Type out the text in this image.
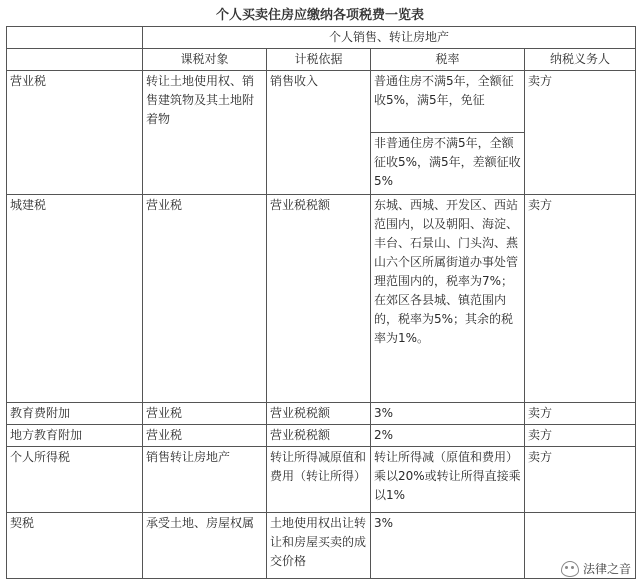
个人买卖住房应缴纳各项税费一览表
	个人销售、转让房地产			
	课税对象	计税依据	税率	纳税义务人
营业税	转让土地使用权、销售建筑物及其土地附着物	销售收入	普通住房不满5年，全额征收5%，满5年，免征	卖方
			非普通住房不满5年，全额征收5%，满5年，差额征收5%	
城建税	营业税	营业税税额	东城、西城、开发区、西站范围内，以及朝阳、海淀、丰台、石景山、门头沟、燕山六个区所属街道办事处管理范围内的，税率为7%；在郊区各县城、镇范围内的，税率为5%；其余的税率为1%。	卖方
教育费附加	营业税	营业税税额	3%	卖方
地方教育附加	营业税	营业税税额	2%	卖方
个人所得税	销售转让房地产	转让所得减原值和费用（转让所得）	转让所得减（原值和费用）乘以20%或转让所得直接乘以1%	卖方
契税	承受土地、房屋权属	土地使用权出让转让和房屋买卖的成交价格	3%	
法律之音
